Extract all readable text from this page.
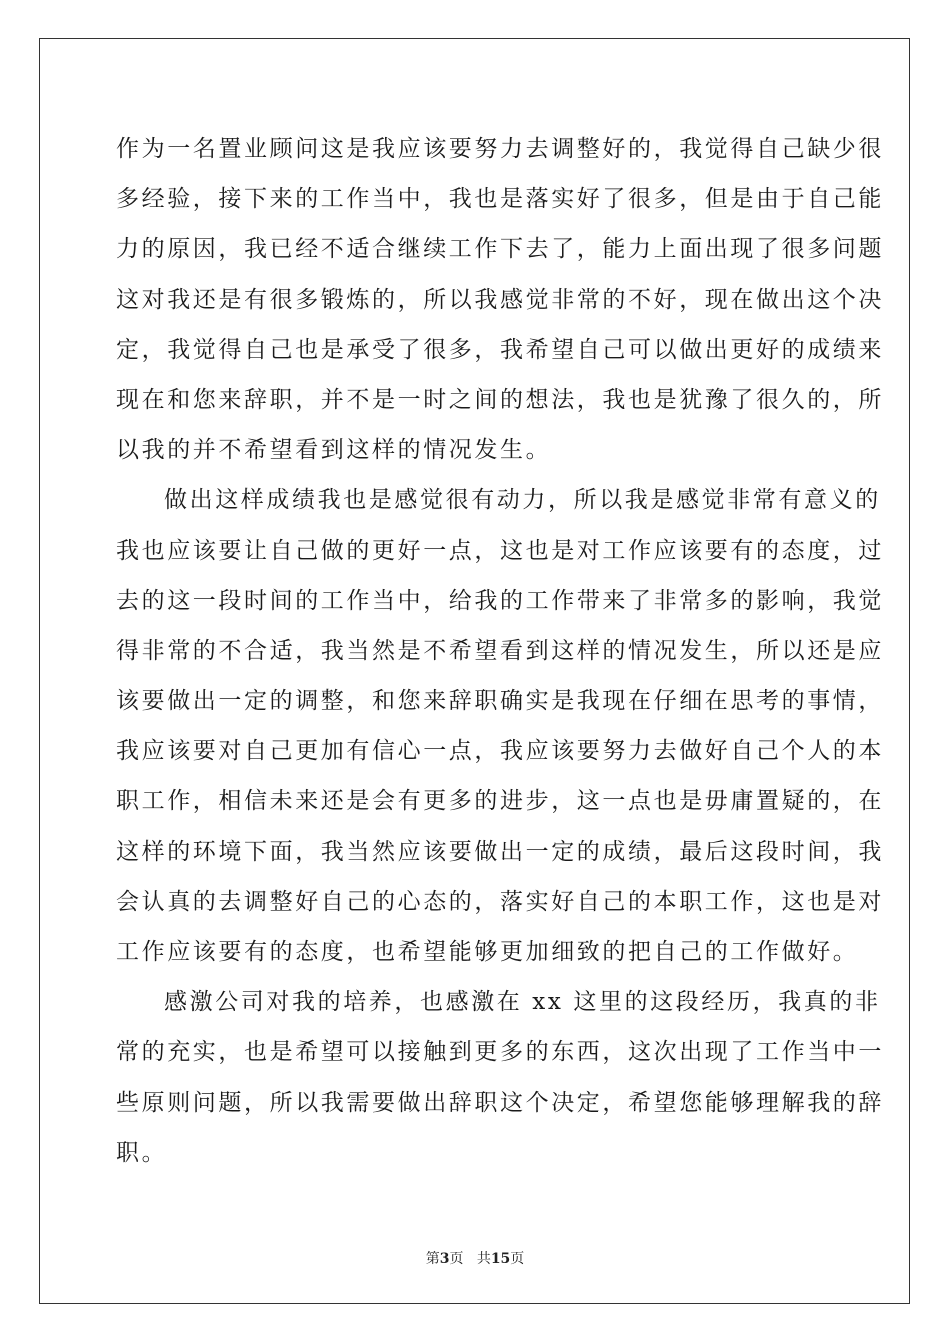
作为一名置业顾问这是我应该要努力去调整好的，我觉得自己缺少很
多经验，接下来的工作当中，我也是落实好了很多，但是由于自己能
力的原因，我已经不适合继续工作下去了，能力上面出现了很多问题
这对我还是有很多锻炼的，所以我感觉非常的不好，现在做出这个决
定，我觉得自己也是承受了很多，我希望自己可以做出更好的成绩来
现在和您来辞职，并不是一时之间的想法，我也是犹豫了很久的，所
以我的并不希望看到这样的情况发生。
做出这样成绩我也是感觉很有动力，所以我是感觉非常有意义的
我也应该要让自己做的更好一点，这也是对工作应该要有的态度，过
去的这一段时间的工作当中，给我的工作带来了非常多的影响，我觉
得非常的不合适，我当然是不希望看到这样的情况发生，所以还是应
该要做出一定的调整，和您来辞职确实是我现在仔细在思考的事情，
我应该要对自己更加有信心一点，我应该要努力去做好自己个人的本
职工作，相信未来还是会有更多的进步，这一点也是毋庸置疑的，在
这样的环境下面，我当然应该要做出一定的成绩，最后这段时间，我
会认真的去调整好自己的心态的，落实好自己的本职工作，这也是对
工作应该要有的态度，也希望能够更加细致的把自己的工作做好。
感激公司对我的培养，也感激在 xx 这里的这段经历，我真的非
常的充实，也是希望可以接触到更多的东西，这次出现了工作当中一
些原则问题，所以我需要做出辞职这个决定，希望您能够理解我的辞
职。
第3页 共15页
